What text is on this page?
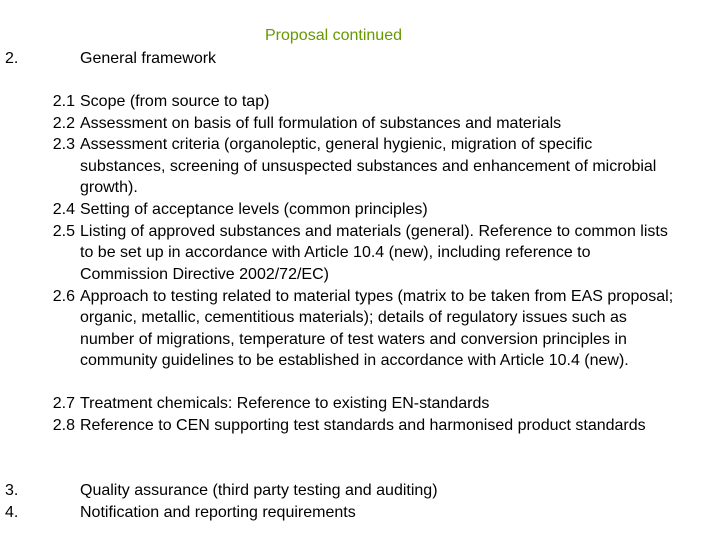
Proposal continued
2.	General framework
2.1 Scope (from source to tap)
2.2 Assessment on basis of full formulation of substances and materials
2.3 Assessment criteria (organoleptic, general hygienic, migration of specific substances, screening of unsuspected substances and enhancement of microbial growth).
2.4 Setting of acceptance levels (common principles)
2.5 Listing of approved substances and materials (general). Reference to common lists to be set up in accordance with Article 10.4 (new), including reference to Commission Directive 2002/72/EC)
2.6 Approach to testing related to material types (matrix to be taken from EAS proposal; organic, metallic, cementitious materials); details of regulatory issues such as number of migrations, temperature of test waters and conversion principles in community guidelines to be established in accordance with Article 10.4 (new).
2.7 Treatment chemicals: Reference to existing EN-standards
2.8 Reference to CEN supporting test standards and harmonised product standards
3.	Quality assurance (third party testing and auditing)
4.	Notification and reporting requirements
